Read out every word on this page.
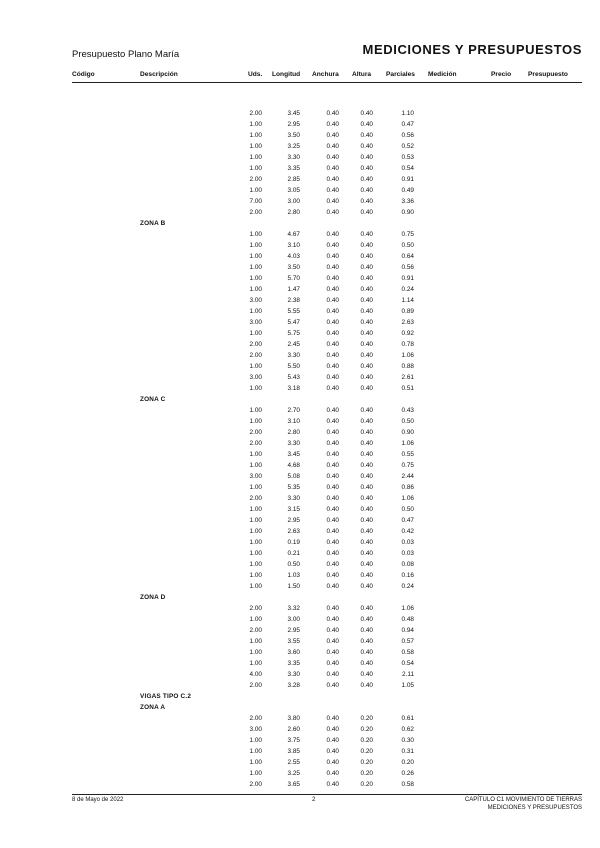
Presupuesto Plano María	MEDICIONES Y PRESUPUESTOS
Código	Descripción	Uds. Longitud Anchura Altura Parciales Medición	Precio	Presupuesto
2.00	3.45	0.40	0.40	1.10
1.00	2.95	0.40	0.40	0.47
1.00	3.50	0.40	0.40	0.56
1.00	3.25	0.40	0.40	0.52
1.00	3.30	0.40	0.40	0.53
1.00	3.35	0.40	0.40	0.54
2.00	2.85	0.40	0.40	0.91
1.00	3.05	0.40	0.40	0.49
7.00	3.00	0.40	0.40	3.36
2.00	2.80	0.40	0.40	0.90
ZONA B
1.00	4.67	0.40	0.40	0.75
1.00	3.10	0.40	0.40	0.50
1.00	4.03	0.40	0.40	0.64
1.00	3.50	0.40	0.40	0.56
1.00	5.70	0.40	0.40	0.91
1.00	1.47	0.40	0.40	0.24
3.00	2.38	0.40	0.40	1.14
1.00	5.55	0.40	0.40	0.89
3.00	5.47	0.40	0.40	2.63
1.00	5.75	0.40	0.40	0.92
2.00	2.45	0.40	0.40	0.78
2.00	3.30	0.40	0.40	1.06
1.00	5.50	0.40	0.40	0.88
3.00	5.43	0.40	0.40	2.61
1.00	3.18	0.40	0.40	0.51
ZONA C
1.00	2.70	0.40	0.40	0.43
1.00	3.10	0.40	0.40	0.50
2.00	2.80	0.40	0.40	0.90
2.00	3.30	0.40	0.40	1.06
1.00	3.45	0.40	0.40	0.55
1.00	4.68	0.40	0.40	0.75
3.00	5.08	0.40	0.40	2.44
1.00	5.35	0.40	0.40	0.86
2.00	3.30	0.40	0.40	1.06
1.00	3.15	0.40	0.40	0.50
1.00	2.95	0.40	0.40	0.47
1.00	2.63	0.40	0.40	0.42
1.00	0.19	0.40	0.40	0.03
1.00	0.21	0.40	0.40	0.03
1.00	0.50	0.40	0.40	0.08
1.00	1.03	0.40	0.40	0.16
1.00	1.50	0.40	0.40	0.24
ZONA D
2.00	3.32	0.40	0.40	1.06
1.00	3.00	0.40	0.40	0.48
2.00	2.95	0.40	0.40	0.94
1.00	3.55	0.40	0.40	0.57
1.00	3.60	0.40	0.40	0.58
1.00	3.35	0.40	0.40	0.54
4.00	3.30	0.40	0.40	2.11
2.00	3.28	0.40	0.40	1.05
VIGAS TIPO C.2
ZONA A
2.00	3.80	0.40	0.20	0.61
3.00	2.60	0.40	0.20	0.62
1.00	3.75	0.40	0.20	0.30
1.00	3.85	0.40	0.20	0.31
1.00	2.55	0.40	0.20	0.20
1.00	3.25	0.40	0.20	0.26
2.00	3.65	0.40	0.20	0.58
8 de Mayo de 2022	2	CAPÍTULO C1 MOVIMIENTO DE TIERRAS
MEDICIONES Y PRESUPUESTOS
